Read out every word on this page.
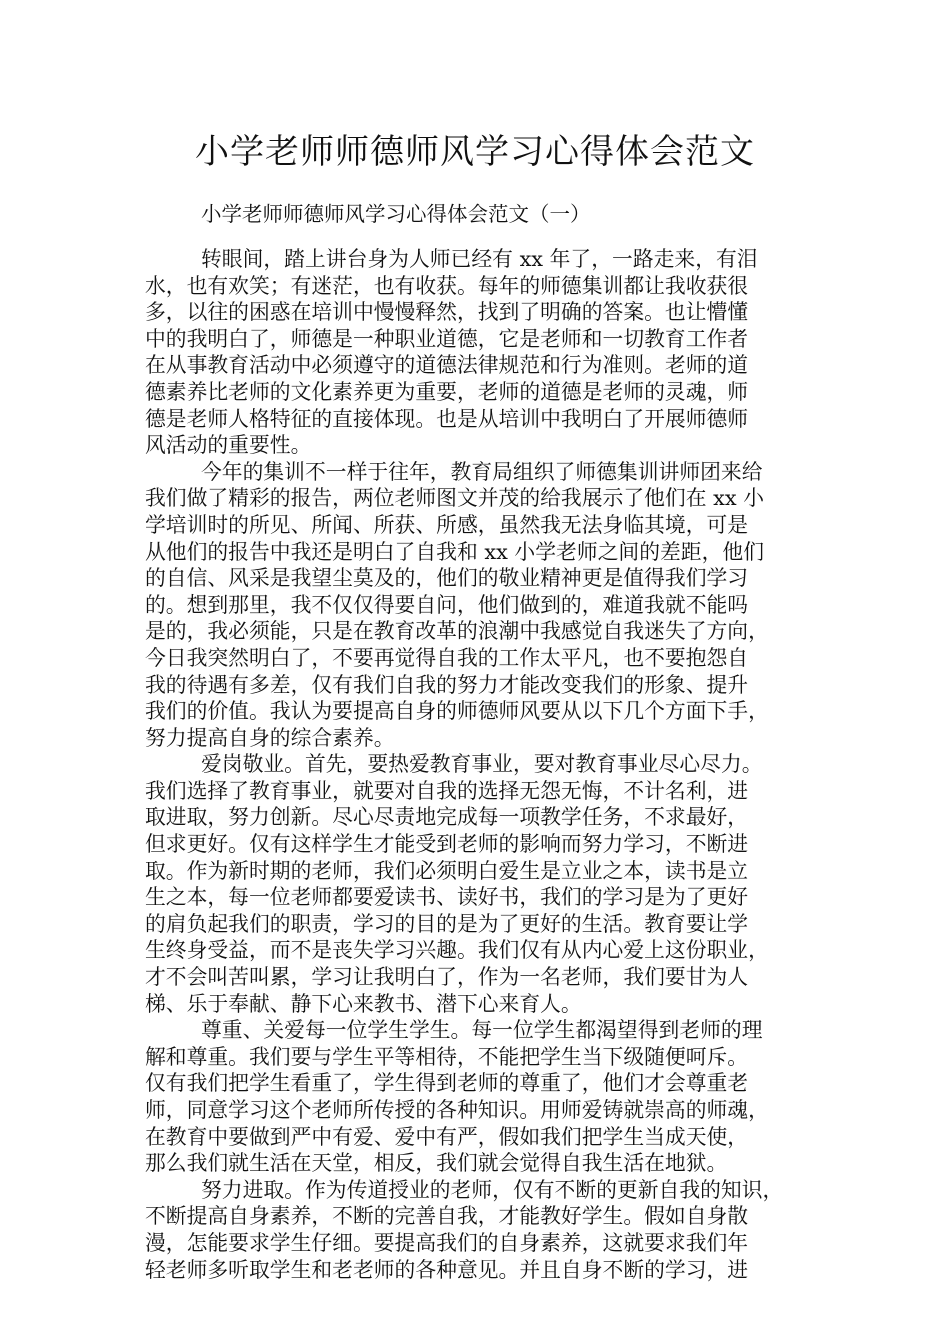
小学老师师德师风学习心得体会范文
小学老师师德师风学习心得体会范文（一）
转眼间，踏上讲台身为人师已经有 xx 年了，一路走来，有泪
水，也有欢笑；有迷茫，也有收获。每年的师德集训都让我收获很
多，以往的困惑在培训中慢慢释然，找到了明确的答案。也让懵懂
中的我明白了，师德是一种职业道德，它是老师和一切教育工作者
在从事教育活动中必须遵守的道德法律规范和行为准则。老师的道
德素养比老师的文化素养更为重要，老师的道德是老师的灵魂，师
德是老师人格特征的直接体现。也是从培训中我明白了开展师德师
风活动的重要性。
今年的集训不一样于往年，教育局组织了师德集训讲师团来给
我们做了精彩的报告，两位老师图文并茂的给我展示了他们在 xx 小
学培训时的所见、所闻、所获、所感，虽然我无法身临其境，可是
从他们的报告中我还是明白了自我和 xx 小学老师之间的差距，他们
的自信、风采是我望尘莫及的，他们的敬业精神更是值得我们学习
的。想到那里，我不仅仅得要自问，他们做到的，难道我就不能吗
是的，我必须能，只是在教育改革的浪潮中我感觉自我迷失了方向，
今日我突然明白了，不要再觉得自我的工作太平凡，也不要抱怨自
我的待遇有多差，仅有我们自我的努力才能改变我们的形象、提升
我们的价值。我认为要提高自身的师德师风要从以下几个方面下手，
努力提高自身的综合素养。
爱岗敬业。首先，要热爱教育事业，要对教育事业尽心尽力。
我们选择了教育事业，就要对自我的选择无怨无悔，不计名利，进
取进取，努力创新。尽心尽责地完成每一项教学任务，不求最好，
但求更好。仅有这样学生才能受到老师的影响而努力学习，不断进
取。作为新时期的老师，我们必须明白爱生是立业之本，读书是立
生之本，每一位老师都要爱读书、读好书，我们的学习是为了更好
的肩负起我们的职责，学习的目的是为了更好的生活。教育要让学
生终身受益，而不是丧失学习兴趣。我们仅有从内心爱上这份职业，
才不会叫苦叫累，学习让我明白了，作为一名老师，我们要甘为人
梯、乐于奉献、静下心来教书、潜下心来育人。
尊重、关爱每一位学生学生。每一位学生都渴望得到老师的理
解和尊重。我们要与学生平等相待，不能把学生当下级随便呵斥。
仅有我们把学生看重了，学生得到老师的尊重了，他们才会尊重老
师，同意学习这个老师所传授的各种知识。用师爱铸就崇高的师魂，
在教育中要做到严中有爱、爱中有严，假如我们把学生当成天使，
那么我们就生活在天堂，相反，我们就会觉得自我生活在地狱。
努力进取。作为传道授业的老师，仅有不断的更新自我的知识，
不断提高自身素养，不断的完善自我，才能教好学生。假如自身散
漫，怎能要求学生仔细。要提高我们的自身素养，这就要求我们年
轻老师多听取学生和老老师的各种意见。并且自身不断的学习，进
